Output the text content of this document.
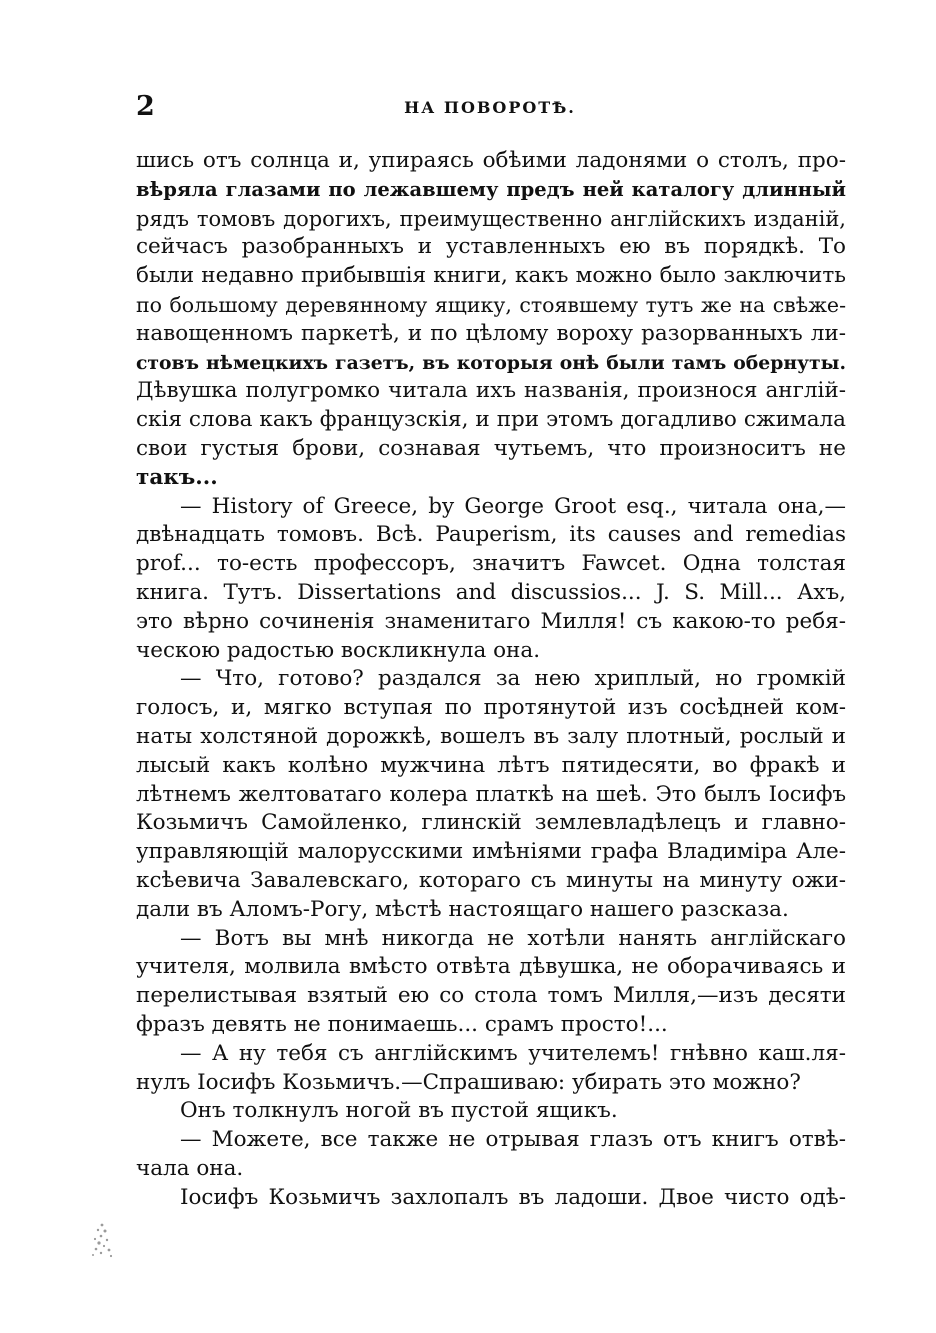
2	НА ПОВОРОТѢ.
шись отъ солнца и, упираясь обѣими ладонями о столъ, про-
вѣряла глазами по лежавшему предъ ней каталогу длинный
рядъ томовъ дорогихъ, преимущественно англійскихъ изданій,
сейчасъ разобранныхъ и уставленныхъ ею въ порядкѣ. То
были недавно прибывшія книги, какъ можно было заключить
по большому деревянному ящику, стоявшему тутъ же на свѣже-
навощенномъ паркетѣ, и по цѣлому вороху разорванныхъ ли-
стовъ нѣмецкихъ газетъ, въ которыя онѣ были тамъ обернуты.
Дѣвушка полугромко читала ихъ названія, произнося англій-
скія слова какъ французскія, и при этомъ догадливо сжимала
свои густыя брови, сознавая чутьемъ, что произноситъ не
такъ...
— History of Greece, by George Groot esq., читала она,—
двѣнадцать томовъ. Всѣ. Pauperism, its causes and remedias
prof... то-есть профессоръ, значитъ Fawcet. Одна толстая
книга. Тутъ. Dissertations and discussios... J. S. Mill... Ахъ,
это вѣрно сочиненія знаменитаго Милля! съ какою-то ребя-
ческою радостью воскликнула она.
— Что, готово? раздался за нею хриплый, но громкій
голосъ, и, мягко вступая по протянутой изъ сосѣдней ком-
наты холстяной дорожкѣ, вошелъ въ залу плотный, рослый и
лысый какъ колѣно мужчина лѣтъ пятидесяти, во фракѣ и
лѣтнемъ желтоватаго колера платкѣ на шеѣ. Это былъ Іосифъ
Козьмичъ Самойленко, глинскій землевладѣлецъ и главно-
управляющій малорусскими имѣніями графа Владиміра Але-
ксѣевича Завалевскаго, котораго съ минуты на минуту ожи-
дали въ Аломъ-Рогу, мѣстѣ настоящаго нашего разсказа.
— Вотъ вы мнѣ никогда не хотѣли нанять англійскаго
учителя, молвила вмѣсто отвѣта дѣвушка, не оборачиваясь и
перелистывая взятый ею со стола томъ Милля,—изъ десяти
фразъ девять не понимаешь... срамъ просто!...
— А ну тебя съ англійскимъ учителемъ! гнѣвно каш.ля-
нулъ Іосифъ Козьмичъ.—Спрашиваю: убирать это можно?
Онъ толкнулъ ногой въ пустой ящикъ.
— Можете, все также не отрывая глазъ отъ книгъ отвѣ-
чала она.
Іосифъ Козьмичъ захлопалъ въ ладоши. Двое чисто одѣ-
